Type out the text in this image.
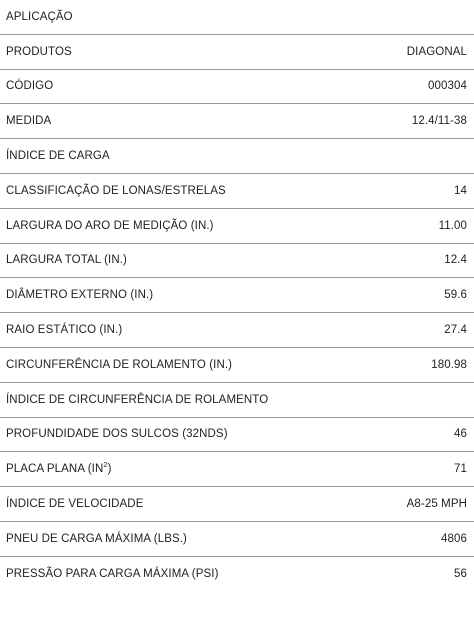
APLICAÇÃO
PRODUTOS	DIAGONAL
CÓDIGO	000304
MEDIDA	12.4/11-38
ÍNDICE DE CARGA
CLASSIFICAÇÃO DE LONAS/ESTRELAS	14
LARGURA DO ARO DE MEDIÇÃO (IN.)	11.00
LARGURA TOTAL (IN.)	12.4
DIÂMETRO EXTERNO (IN.)	59.6
RAIO ESTÁTICO (IN.)	27.4
CIRCUNFERÊNCIA DE ROLAMENTO (IN.)	180.98
ÍNDICE DE CIRCUNFERÊNCIA DE ROLAMENTO
PROFUNDIDADE DOS SULCOS (32NDS)	46
PLACA PLANA $(IN^2)$	71
ÍNDICE DE VELOCIDADE	A8-25 MPH
PNEU DE CARGA MÁXIMA (LBS.)	4806
PRESSÃO PARA CARGA MÁXIMA (PSI)	56
